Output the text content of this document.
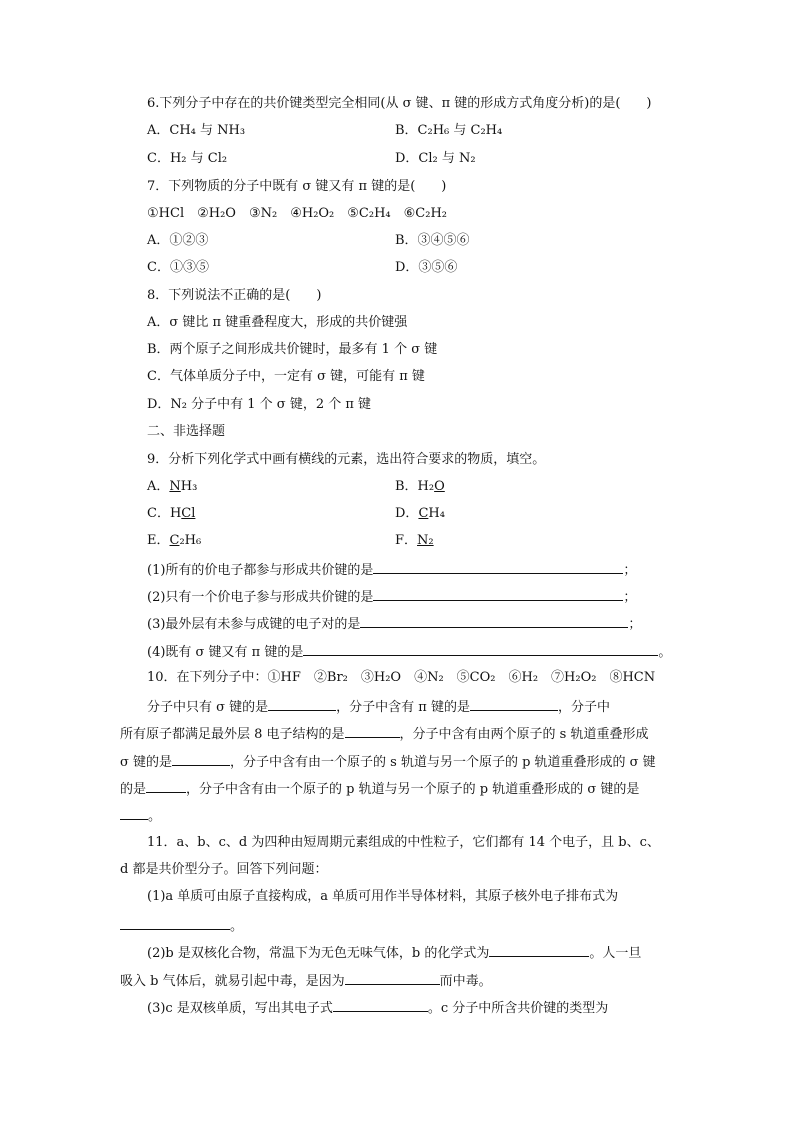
6.下列分子中存在的共价键类型完全相同(从 σ 键、π 键的形成方式角度分析)的是(　　)
A．CH₄ 与 NH₃	B．C₂H₆ 与 C₂H₄
C．H₂ 与 Cl₂	D．Cl₂ 与 N₂
7．下列物质的分子中既有 σ 键又有 π 键的是(　　)
①HCl　②H₂O　③N₂　④H₂O₂　⑤C₂H₄　⑥C₂H₂
A．①②③	B．③④⑤⑥
C．①③⑤	D．③⑤⑥
8．下列说法不正确的是(　　)
A．σ 键比 π 键重叠程度大，形成的共价键强
B．两个原子之间形成共价键时，最多有 1 个 σ 键
C．气体单质分子中，一定有 σ 键，可能有 π 键
D．N₂ 分子中有 1 个 σ 键，2 个 π 键
二、非选择题
9．分析下列化学式中画有横线的元素，选出符合要求的物质，填空。
A．NH₃	B．H₂O
C．HCl	D．CH₄
E．C₂H₆	F．N₂
(1)所有的价电子都参与形成共价键的是	；
(2)只有一个价电子参与形成共价键的是	；
(3)最外层有未参与成键的电子对的是	；
(4)既有 σ 键又有 π 键的是	。
10．在下列分子中：①HF　②Br₂　③H₂O　④N₂　⑤CO₂　⑥H₂　⑦H₂O₂　⑧HCN
分子中只有 σ 键的是	，分子中含有 π 键的是	，分子中
所有原子都满足最外层 8 电子结构的是	，分子中含有由两个原子的 s 轨道重叠形成
σ 键的是	，分子中含有由一个原子的 s 轨道与另一个原子的 p 轨道重叠形成的 σ 键
的是	，分子中含有由一个原子的 p 轨道与另一个原子的 p 轨道重叠形成的 σ 键的是
。
11．a、b、c、d 为四种由短周期元素组成的中性粒子，它们都有 14 个电子，且 b、c、
d 都是共价型分子。回答下列问题：
(1)a 单质可由原子直接构成，a 单质可用作半导体材料，其原子核外电子排布式为
。
(2)b 是双核化合物，常温下为无色无味气体，b 的化学式为	。人一旦
吸入 b 气体后，就易引起中毒，是因为	而中毒。
(3)c 是双核单质，写出其电子式	。c 分子中所含共价键的类型为
